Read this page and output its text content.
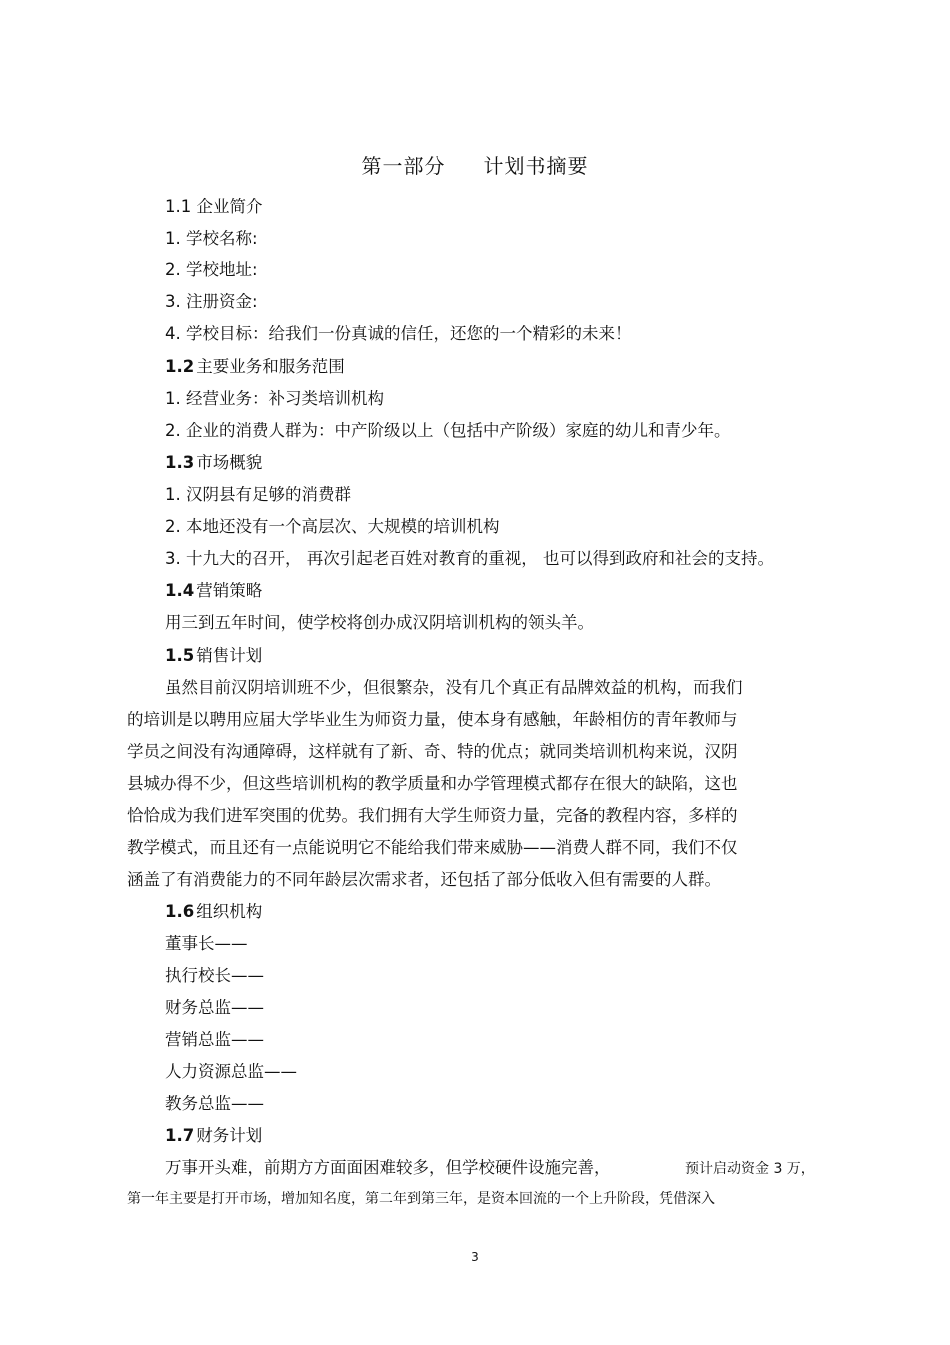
第一部分 计划书摘要
1.1 企业简介
1. 学校名称:
2. 学校地址:
3. 注册资金:
4. 学校目标：给我们一份真诚的信任，还您的一个精彩的未来！
1.2 主要业务和服务范围
1. 经营业务：补习类培训机构
2. 企业的消费人群为：中产阶级以上（包括中产阶级）家庭的幼儿和青少年。
1.3 市场概貌
1. 汉阴县有足够的消费群
2. 本地还没有一个高层次、大规模的培训机构
3. 十九大的召开， 再次引起老百姓对教育的重视， 也可以得到政府和社会的支持。
1.4 营销策略
用三到五年时间，使学校将创办成汉阴培训机构的领头羊。
1.5 销售计划
虽然目前汉阴培训班不少，但很繁杂，没有几个真正有品牌效益的机构，而我们
的培训是以聘用应届大学毕业生为师资力量，使本身有感触，年龄相仿的青年教师与
学员之间没有沟通障碍，这样就有了新、奇、特的优点；就同类培训机构来说，汉阴
县城办得不少，但这些培训机构的教学质量和办学管理模式都存在很大的缺陷，这也
恰恰成为我们进军突围的优势。我们拥有大学生师资力量，完备的教程内容，多样的
教学模式，而且还有一点能说明它不能给我们带来威胁——消费人群不同，我们不仅
涵盖了有消费能力的不同年龄层次需求者，还包括了部分低收入但有需要的人群。
1.6 组织机构
董事长——
执行校长——
财务总监——
营销总监——
人力资源总监——
教务总监——
1.7 财务计划
万事开头难，前期方方面面困难较多，但学校硬件设施完善，	预计启动资金 3 万，
第一年主要是打开市场，增加知名度，第二年到第三年，是资本回流的一个上升阶段，凭借深入
3
